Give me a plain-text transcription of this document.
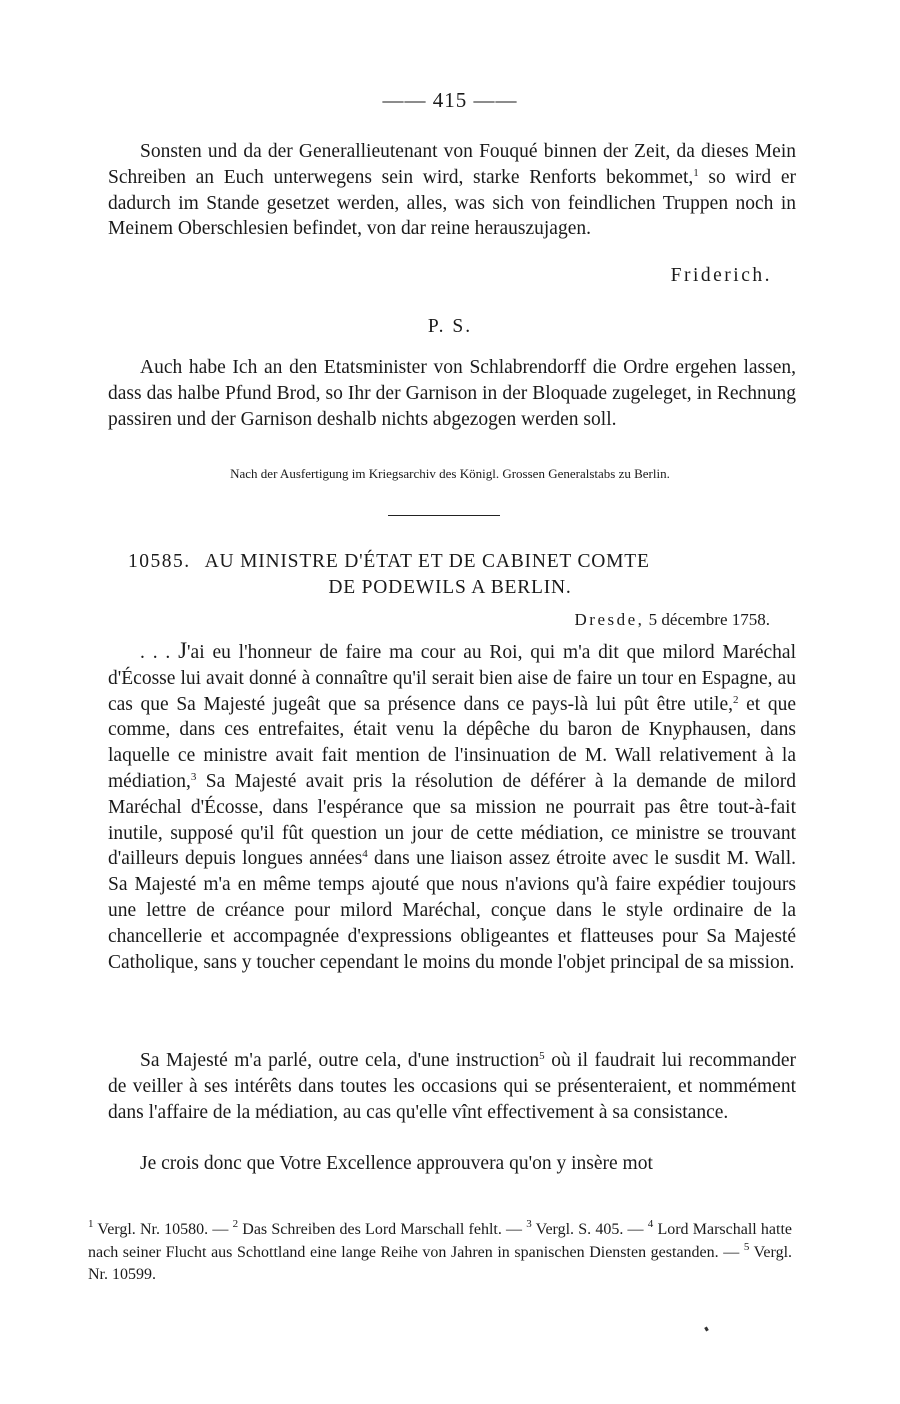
—— 415 ——

Sonsten und da der Generallieutenant von Fouqué binnen der Zeit, da dieses Mein Schreiben an Euch unterwegens sein wird, starke Renforts bekommet,$^1$ so wird er dadurch im Stande gesetzet werden, alles, was sich von feindlichen Truppen noch in Meinem Oberschlesien befindet, von dar reine herauszujagen.

Friderich.
P. S.

Auch habe Ich an den Etatsminister von Schlabrendorff die Ordre ergehen lassen, dass das halbe Pfund Brod, so Ihr der Garnison in der Bloquade zugeleget, in Rechnung passiren und der Garnison deshalb nichts abgezogen werden soll.

Nach der Ausfertigung im Kriegsarchiv des Königl. Grossen Generalstabs zu Berlin.
10585. AU MINISTRE D'ÉTAT ET DE CABINET COMTE
DE PODEWILS A BERLIN.
Dresde, 5 décembre 1758.

. . . J'ai eu l'honneur de faire ma cour au Roi, qui m'a dit que milord Maréchal d'Écosse lui avait donné à connaître qu'il serait bien aise de faire un tour en Espagne, au cas que Sa Majesté jugeât que sa présence dans ce pays-là lui pût être utile,$^2$ et que comme, dans ces entrefaites, était venu la dépêche du baron de Knyphausen, dans laquelle ce ministre avait fait mention de l'insinuation de M. Wall relativement à la médiation,$^3$ Sa Majesté avait pris la résolution de déférer à la demande de milord Maréchal d'Écosse, dans l'espérance que sa mission ne pourrait pas être tout-à-fait inutile, supposé qu'il fût question un jour de cette médiation, ce ministre se trouvant d'ailleurs depuis longues années$^4$ dans une liaison assez étroite avec le susdit M. Wall. Sa Majesté m'a en même temps ajouté que nous n'avions qu'à faire expédier toujours une lettre de créance pour milord Maréchal, conçue dans le style ordinaire de la chancellerie et accompagnée d'expressions obligeantes et flatteuses pour Sa Majesté Catholique, sans y toucher cependant le moins du monde l'objet principal de sa mission.

Sa Majesté m'a parlé, outre cela, d'une instruction$^5$ où il faudrait lui recommander de veiller à ses intérêts dans toutes les occasions qui se présenteraient, et nommément dans l'affaire de la médiation, au cas qu'elle vînt effectivement à sa consistance.

Je crois donc que Votre Excellence approuvera qu'on y insère mot

$^1$ Vergl. Nr. 10580. — $^2$ Das Schreiben des Lord Marschall fehlt. — $^3$ Vergl. S. 405. — $^4$ Lord Marschall hatte nach seiner Flucht aus Schottland eine lange Reihe von Jahren in spanischen Diensten gestanden. — $^5$ Vergl. Nr. 10599.
